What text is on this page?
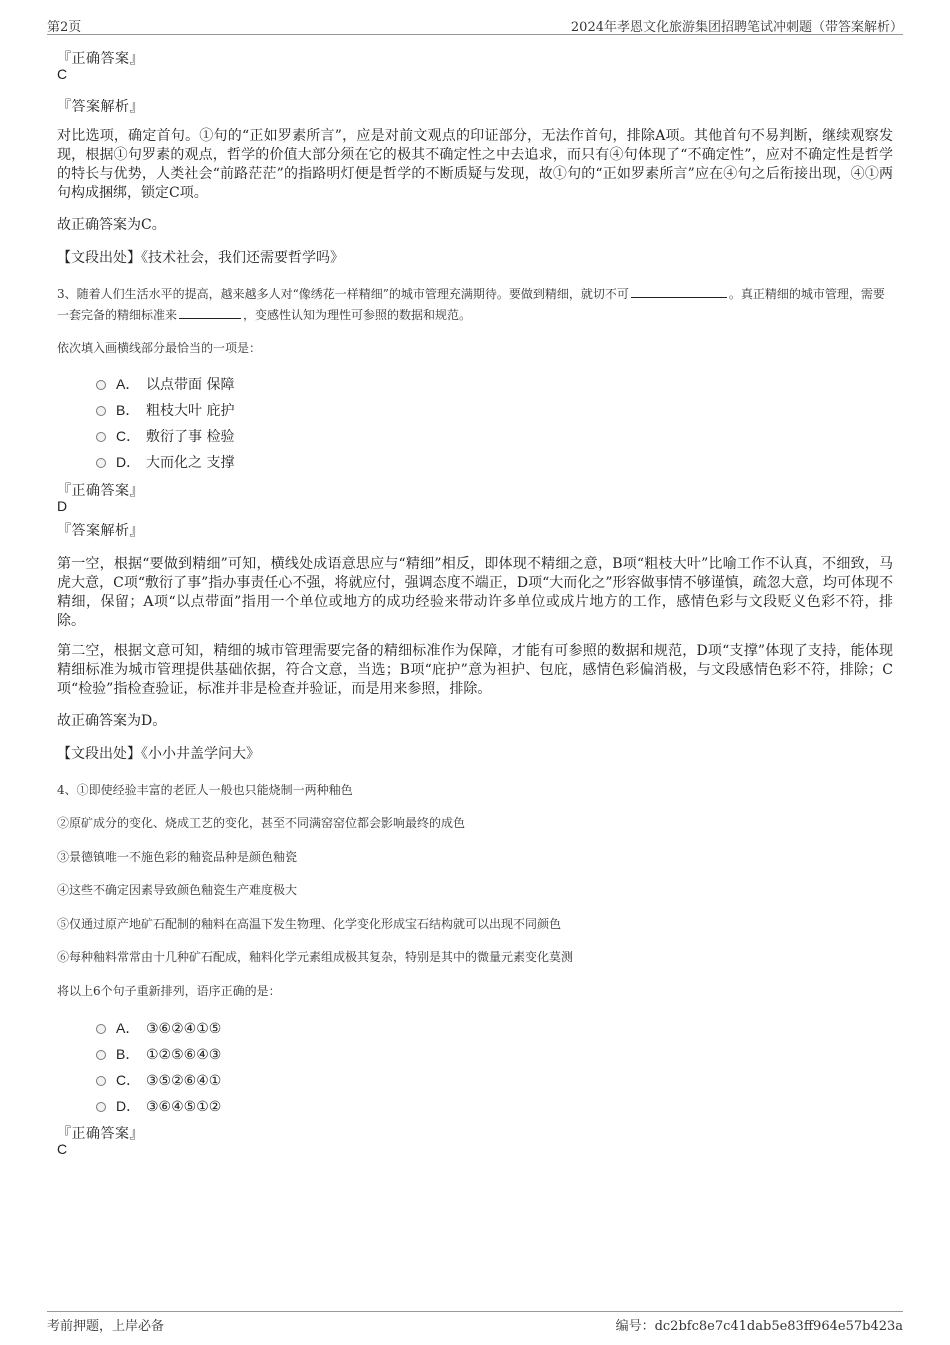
第2页	2024年孝恩文化旅游集团招聘笔试冲刺题（带答案解析）
『正确答案』
C
『答案解析』
对比选项，确定首句。①句的“正如罗素所言”，应是对前文观点的印证部分，无法作首句，排除A项。其他首句不易判断，继续观察发现，根据①句罗素的观点，哲学的价值大部分须在它的极其不确定性之中去追求，而只有④句体现了“不确定性”，应对不确定性是哲学的特长与优势，人类社会“前路茫茫”的指路明灯便是哲学的不断质疑与发现，故①句的“正如罗素所言”应在④句之后衔接出现，④①两句构成捆绑，锁定C项。
故正确答案为C。
【文段出处】《技术社会，我们还需要哲学吗》
3、随着人们生活水平的提高，越来越多人对“像绣花一样精细”的城市管理充满期待。要做到精细，就切不可	。真正精细的城市管理，需要一套完备的精细标准来	，变感性认知为理性可参照的数据和规范。
依次填入画横线部分最恰当的一项是：
A． 以点带面 保障
B． 粗枝大叶 庇护
C． 敷衍了事 检验
D． 大而化之 支撑
『正确答案』
D
『答案解析』
第一空，根据“要做到精细”可知，横线处成语意思应与“精细”相反，即体现不精细之意，B项“粗枝大叶”比喻工作不认真，不细致，马虎大意，C项“敷衍了事”指办事责任心不强，将就应付，强调态度不端正，D项“大而化之”形容做事情不够谨慎，疏忽大意，均可体现不精细，保留；A项“以点带面”指用一个单位或地方的成功经验来带动许多单位或成片地方的工作，感情色彩与文段贬义色彩不符，排除。
第二空，根据文意可知，精细的城市管理需要完备的精细标准作为保障，才能有可参照的数据和规范，D项“支撑”体现了支持，能体现精细标准为城市管理提供基础依据，符合文意，当选；B项“庇护”意为袒护、包庇，感情色彩偏消极，与文段感情色彩不符，排除；C项“检验”指检查验证，标准并非是检查并验证，而是用来参照，排除。
故正确答案为D。
【文段出处】《小小井盖学问大》
4、①即使经验丰富的老匠人一般也只能烧制一两种釉色
②原矿成分的变化、烧成工艺的变化，甚至不同满窑窑位都会影响最终的成色
③景德镇唯一不施色彩的釉瓷品种是颜色釉瓷
④这些不确定因素导致颜色釉瓷生产难度极大
⑤仅通过原产地矿石配制的釉料在高温下发生物理、化学变化形成宝石结构就可以出现不同颜色
⑥每种釉料常常由十几种矿石配成，釉料化学元素组成极其复杂，特别是其中的微量元素变化莫测
将以上6个句子重新排列，语序正确的是：
A． ③⑥②④①⑤
B． ①②⑤⑥④③
C． ③⑤②⑥④①
D． ③⑥④⑤①②
『正确答案』
C
考前押题，上岸必备	编号：dc2bfc8e7c41dab5e83ff964e57b423a
